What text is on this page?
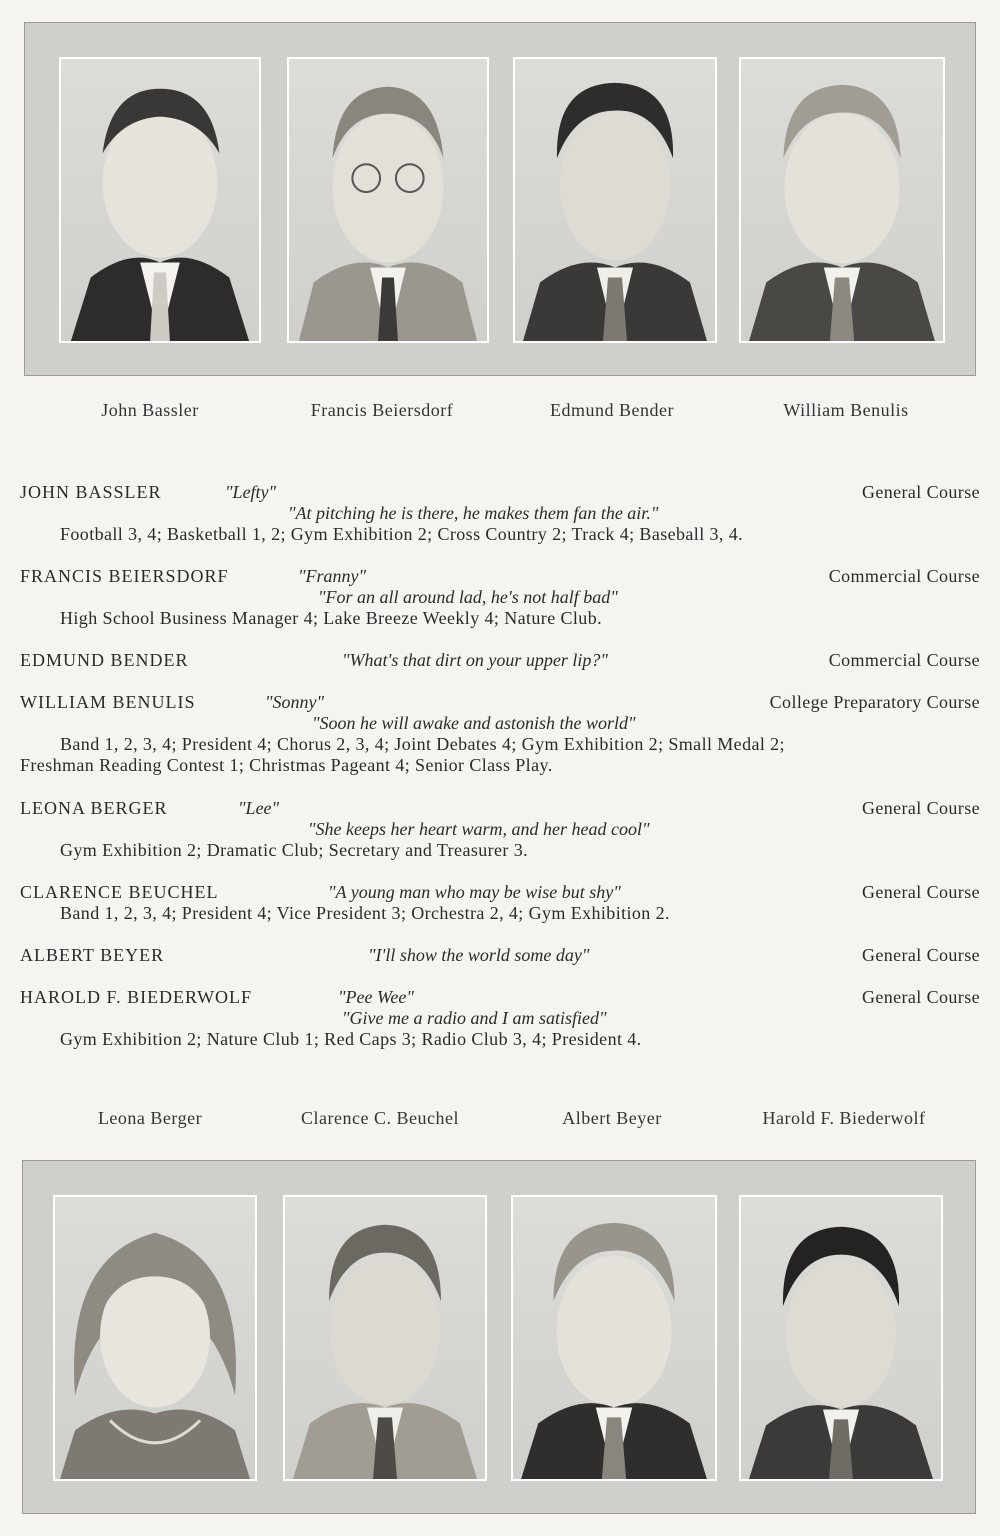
John Bassler	Francis Beiersdorf	Edmund Bender	William Benulis
JOHN BASSLER	"Lefty"	General Course
"At pitching he is there, he makes them fan the air."
Football 3, 4; Basketball 1, 2; Gym Exhibition 2; Cross Country 2; Track 4; Baseball 3, 4.
FRANCIS BEIERSDORF	"Franny"	Commercial Course
"For an all around lad, he's not half bad"
High School Business Manager 4; Lake Breeze Weekly 4; Nature Club.
EDMUND BENDER	"What's that dirt on your upper lip?"	Commercial Course
WILLIAM BENULIS	"Sonny"	College Preparatory Course
"Soon he will awake and astonish the world"
Band 1, 2, 3, 4; President 4; Chorus 2, 3, 4; Joint Debates 4; Gym Exhibition 2; Small Medal 2;
Freshman Reading Contest 1; Christmas Pageant 4; Senior Class Play.
LEONA BERGER	"Lee"	General Course
"She keeps her heart warm, and her head cool"
Gym Exhibition 2; Dramatic Club; Secretary and Treasurer 3.
CLARENCE BEUCHEL	"A young man who may be wise but shy"	General Course
Band 1, 2, 3, 4; President 4; Vice President 3; Orchestra 2, 4; Gym Exhibition 2.
ALBERT BEYER	"I'll show the world some day"	General Course
HAROLD F. BIEDERWOLF	"Pee Wee"	General Course
"Give me a radio and I am satisfied"
Gym Exhibition 2; Nature Club 1; Red Caps 3; Radio Club 3, 4; President 4.
Leona Berger	Clarence C. Beuchel	Albert Beyer	Harold F. Biederwolf
